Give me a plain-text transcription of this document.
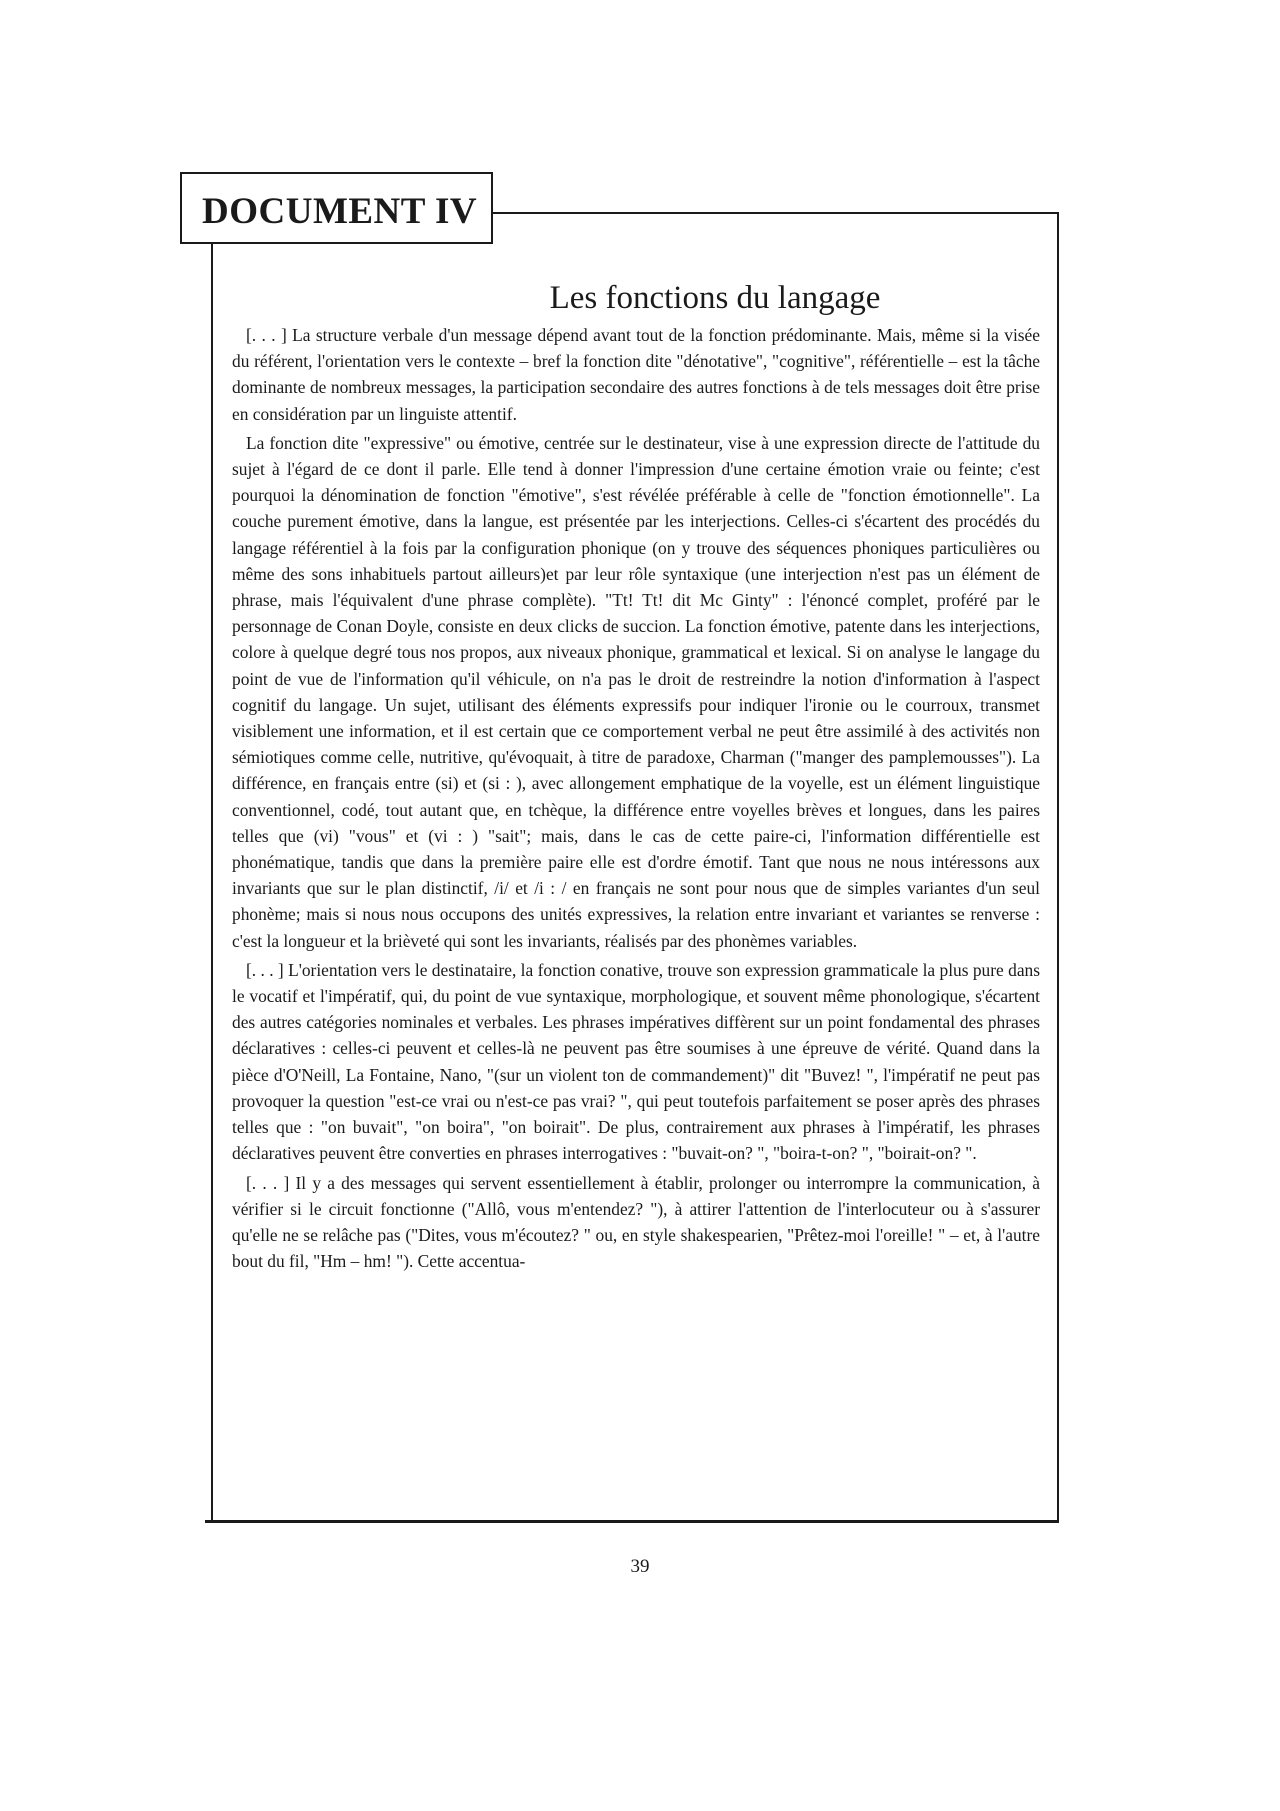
DOCUMENT IV
Les fonctions du langage

[. . . ] La structure verbale d'un message dépend avant tout de la fonction prédominante. Mais, même si la visée du référent, l'orientation vers le contexte – bref la fonction dite "dénotative", "cognitive", référentielle – est la tâche dominante de nombreux messages, la participation secondaire des autres fonctions à de tels messages doit être prise en considération par un linguiste attentif.

La fonction dite "expressive" ou émotive, centrée sur le destinateur, vise à une expression directe de l'attitude du sujet à l'égard de ce dont il parle. Elle tend à donner l'impression d'une certaine émotion vraie ou feinte; c'est pourquoi la dénomination de fonction "émotive", s'est révélée préférable à celle de "fonction émotionnelle". La couche purement émotive, dans la langue, est présentée par les interjections. Celles-ci s'écartent des procédés du langage référentiel à la fois par la configuration phonique (on y trouve des séquences phoniques particulières ou même des sons inhabituels partout ailleurs)et par leur rôle syntaxique (une interjection n'est pas un élément de phrase, mais l'équivalent d'une phrase complète). "Tt! Tt! dit Mc Ginty" : l'énoncé complet, proféré par le personnage de Conan Doyle, consiste en deux clicks de succion. La fonction émotive, patente dans les interjections, colore à quelque degré tous nos propos, aux niveaux phonique, grammatical et lexical. Si on analyse le langage du point de vue de l'information qu'il véhicule, on n'a pas le droit de restreindre la notion d'information à l'aspect cognitif du langage. Un sujet, utilisant des éléments expressifs pour indiquer l'ironie ou le courroux, transmet visiblement une information, et il est certain que ce comportement verbal ne peut être assimilé à des activités non sémiotiques comme celle, nutritive, qu'évoquait, à titre de paradoxe, Charman ("manger des pamplemousses"). La différence, en français entre (si) et (si : ), avec allongement emphatique de la voyelle, est un élément linguistique conventionnel, codé, tout autant que, en tchèque, la différence entre voyelles brèves et longues, dans les paires telles que (vi) "vous" et (vi : ) "sait"; mais, dans le cas de cette paire-ci, l'information différentielle est phonématique, tandis que dans la première paire elle est d'ordre émotif. Tant que nous ne nous intéressons aux invariants que sur le plan distinctif, /i/ et /i : / en français ne sont pour nous que de simples variantes d'un seul phonème; mais si nous nous occupons des unités expressives, la relation entre invariant et variantes se renverse : c'est la longueur et la brièveté qui sont les invariants, réalisés par des phonèmes variables.

[. . . ] L'orientation vers le destinataire, la fonction conative, trouve son expression grammaticale la plus pure dans le vocatif et l'impératif, qui, du point de vue syntaxique, morphologique, et souvent même phonologique, s'écartent des autres catégories nominales et verbales. Les phrases impératives diffèrent sur un point fondamental des phrases déclaratives : celles-ci peuvent et celles-là ne peuvent pas être soumises à une épreuve de vérité. Quand dans la pièce d'O'Neill, La Fontaine, Nano, "(sur un violent ton de commandement)" dit "Buvez! ", l'impératif ne peut pas provoquer la question "est-ce vrai ou n'est-ce pas vrai? ", qui peut toutefois parfaitement se poser après des phrases telles que : "on buvait", "on boira", "on boirait". De plus, contrairement aux phrases à l'impératif, les phrases déclaratives peuvent être converties en phrases interrogatives : "buvait-on? ", "boira-t-on? ", "boirait-on? ".

[. . . ] Il y a des messages qui servent essentiellement à établir, prolonger ou interrompre la communication, à vérifier si le circuit fonctionne ("Allô, vous m'entendez? "), à attirer l'attention de l'interlocuteur ou à s'assurer qu'elle ne se relâche pas ("Dites, vous m'écoutez? " ou, en style shakespearien, "Prêtez-moi l'oreille! " – et, à l'autre bout du fil, "Hm – hm! "). Cette accentua-

39
